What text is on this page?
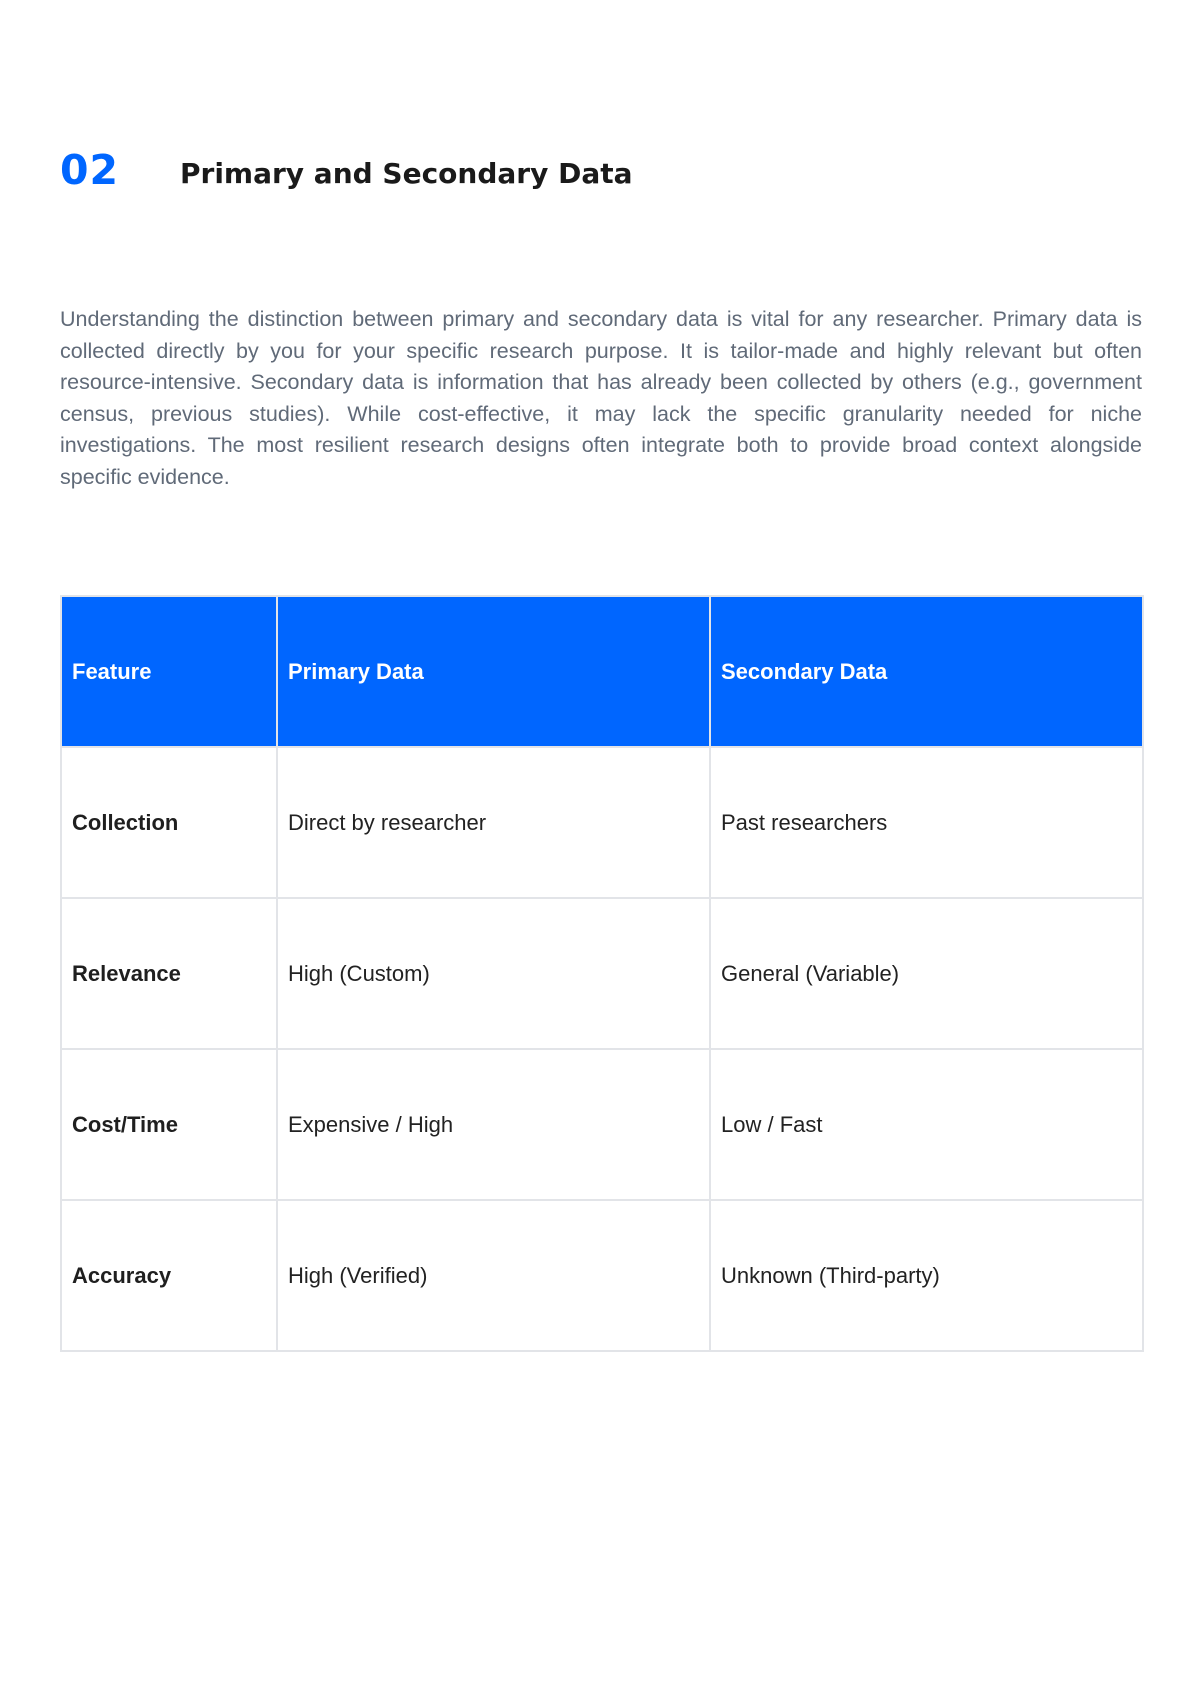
02 Primary and Secondary Data

Understanding the distinction between primary and secondary data is vital for any researcher. Primary data is collected directly by you for your specific research purpose. It is tailor-made and highly relevant but often resource-intensive. Secondary data is information that has already been collected by others (e.g., government census, previous studies). While cost-effective, it may lack the specific granularity needed for niche investigations. The most resilient research designs often integrate both to provide broad context alongside specific evidence.

Feature	Primary Data	Secondary Data
Collection	Direct by researcher	Past researchers
Relevance	High (Custom)	General (Variable)
Cost/Time	Expensive / High	Low / Fast
Accuracy	High (Verified)	Unknown (Third-party)
